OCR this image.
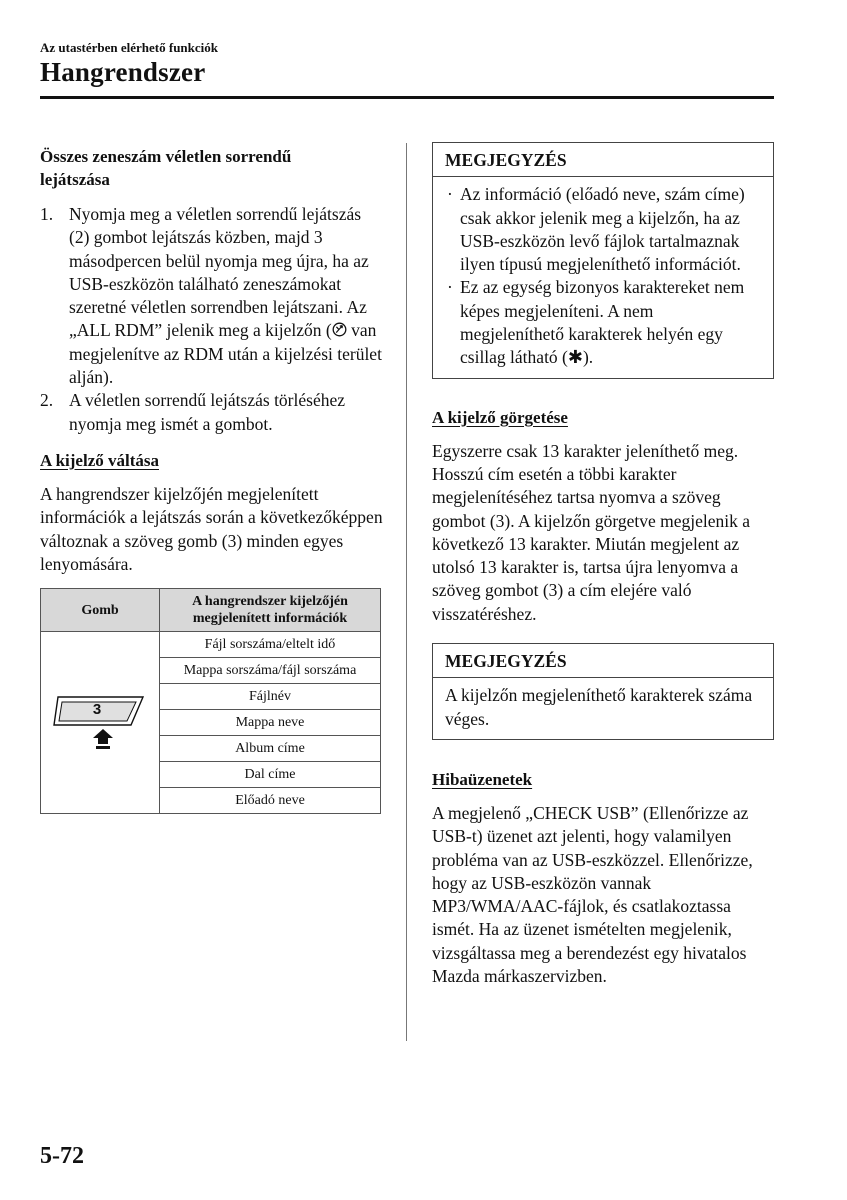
Az utastérben elérhető funkciók
Hangrendszer
Összes zeneszám véletlen sorrendű lejátszása
1. Nyomja meg a véletlen sorrendű lejátszás (2) gombot lejátszás közben, majd 3 másodpercen belül nyomja meg újra, ha az USB-eszközön található zeneszámokat szeretné véletlen sorrendben lejátszani. Az „ALL RDM” jelenik meg a kijelzőn ( van megjelenítve az RDM után a kijelzési terület alján).
2. A véletlen sorrendű lejátszás törléséhez nyomja meg ismét a gombot.
A kijelző váltása

A hangrendszer kijelzőjén megjelenített információk a lejátszás során a következőképpen változnak a szöveg gomb (3) minden egyes lenyomására.

Gomb	A hangrendszer kijelzőjén megjelenített információk

3	Fájl sorszáma/eltelt idő
	Mappa sorszáma/fájl sorszáma
	Fájlnév
	Mappa neve
	Album címe
	Dal címe
	Előadó neve
MEGJEGYZÉS
· Az információ (előadó neve, szám címe) csak akkor jelenik meg a kijelzőn, ha az USB-eszközön levő fájlok tartalmaznak ilyen típusú megjeleníthető információt.
· Ez az egység bizonyos karaktereket nem képes megjeleníteni. A nem megjeleníthető karakterek helyén egy csillag látható (✱).
A kijelző görgetése

Egyszerre csak 13 karakter jeleníthető meg. Hosszú cím esetén a többi karakter megjelenítéséhez tartsa nyomva a szöveg gombot (3). A kijelzőn görgetve megjelenik a következő 13 karakter. Miután megjelent az utolsó 13 karakter is, tartsa újra lenyomva a szöveg gombot (3) a cím elejére való visszatéréshez.

MEGJEGYZÉS

A kijelzőn megjeleníthető karakterek száma véges.

Hibaüzenetek

A megjelenő „CHECK USB” (Ellenőrizze az USB-t) üzenet azt jelenti, hogy valamilyen probléma van az USB-eszközzel. Ellenőrizze, hogy az USB-eszközön vannak MP3/WMA/AAC-fájlok, és csatlakoztassa ismét. Ha az üzenet ismételten megjelenik, vizsgáltassa meg a berendezést egy hivatalos Mazda márkaszervizben.

5-72
